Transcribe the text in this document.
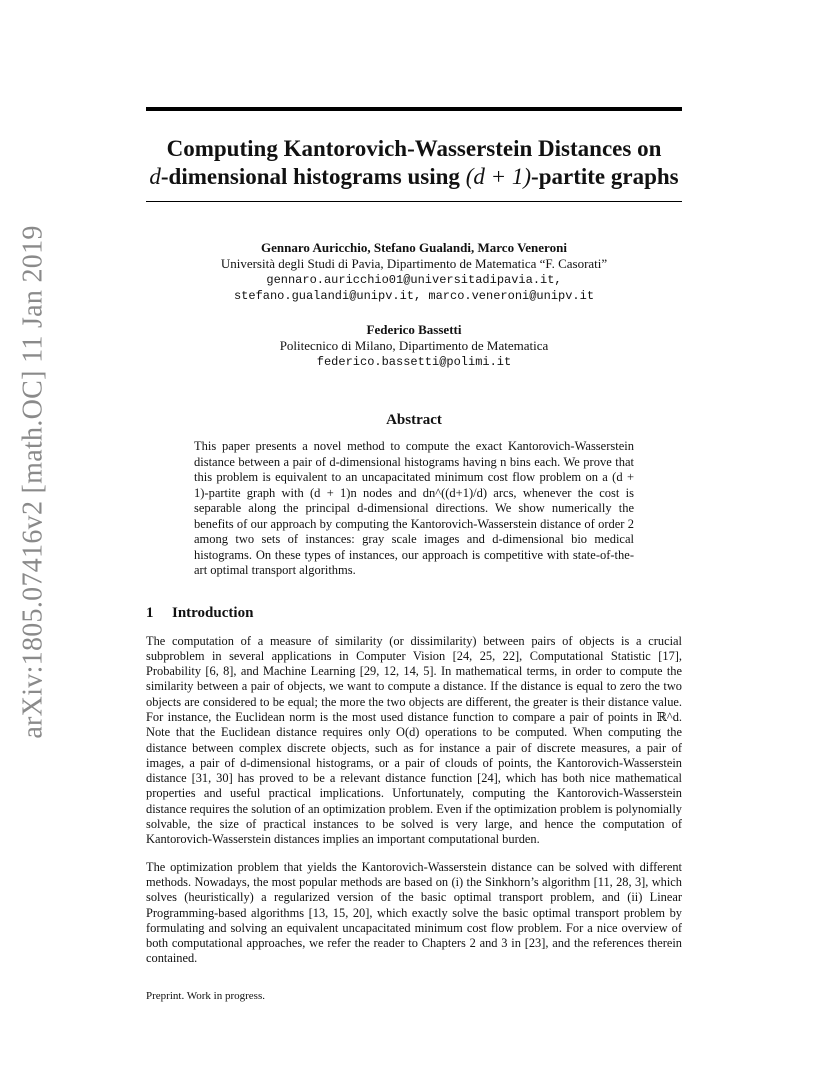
arXiv:1805.07416v2 [math.OC] 11 Jan 2019
Computing Kantorovich-Wasserstein Distances on
d-dimensional histograms using (d + 1)-partite graphs
Gennaro Auricchio, Stefano Gualandi, Marco Veneroni
Università degli Studi di Pavia, Dipartimento de Matematica “F. Casorati”
gennaro.auricchio01@universitadipavia.it,
stefano.gualandi@unipv.it, marco.veneroni@unipv.it
Federico Bassetti
Politecnico di Milano, Dipartimento de Matematica
federico.bassetti@polimi.it
Abstract
This paper presents a novel method to compute the exact Kantorovich-Wasserstein distance between a pair of d-dimensional histograms having n bins each. We prove that this problem is equivalent to an uncapacitated minimum cost flow problem on a (d + 1)-partite graph with (d + 1)n nodes and dn^((d+1)/d) arcs, whenever the cost is separable along the principal d-dimensional directions. We show numerically the benefits of our approach by computing the Kantorovich-Wasserstein distance of order 2 among two sets of instances: gray scale images and d-dimensional bio medical histograms. On these types of instances, our approach is competitive with state-of-the-art optimal transport algorithms.
1 Introduction
The computation of a measure of similarity (or dissimilarity) between pairs of objects is a crucial subproblem in several applications in Computer Vision [24, 25, 22], Computational Statistic [17], Probability [6, 8], and Machine Learning [29, 12, 14, 5]. In mathematical terms, in order to compute the similarity between a pair of objects, we want to compute a distance. If the distance is equal to zero the two objects are considered to be equal; the more the two objects are different, the greater is their distance value. For instance, the Euclidean norm is the most used distance function to compare a pair of points in ℝ^d. Note that the Euclidean distance requires only O(d) operations to be computed. When computing the distance between complex discrete objects, such as for instance a pair of discrete measures, a pair of images, a pair of d-dimensional histograms, or a pair of clouds of points, the Kantorovich-Wasserstein distance [31, 30] has proved to be a relevant distance function [24], which has both nice mathematical properties and useful practical implications. Unfortunately, computing the Kantorovich-Wasserstein distance requires the solution of an optimization problem. Even if the optimization problem is polynomially solvable, the size of practical instances to be solved is very large, and hence the computation of Kantorovich-Wasserstein distances implies an important computational burden.
The optimization problem that yields the Kantorovich-Wasserstein distance can be solved with different methods. Nowadays, the most popular methods are based on (i) the Sinkhorn’s algorithm [11, 28, 3], which solves (heuristically) a regularized version of the basic optimal transport problem, and (ii) Linear Programming-based algorithms [13, 15, 20], which exactly solve the basic optimal transport problem by formulating and solving an equivalent uncapacitated minimum cost flow problem. For a nice overview of both computational approaches, we refer the reader to Chapters 2 and 3 in [23], and the references therein contained.
Preprint. Work in progress.
